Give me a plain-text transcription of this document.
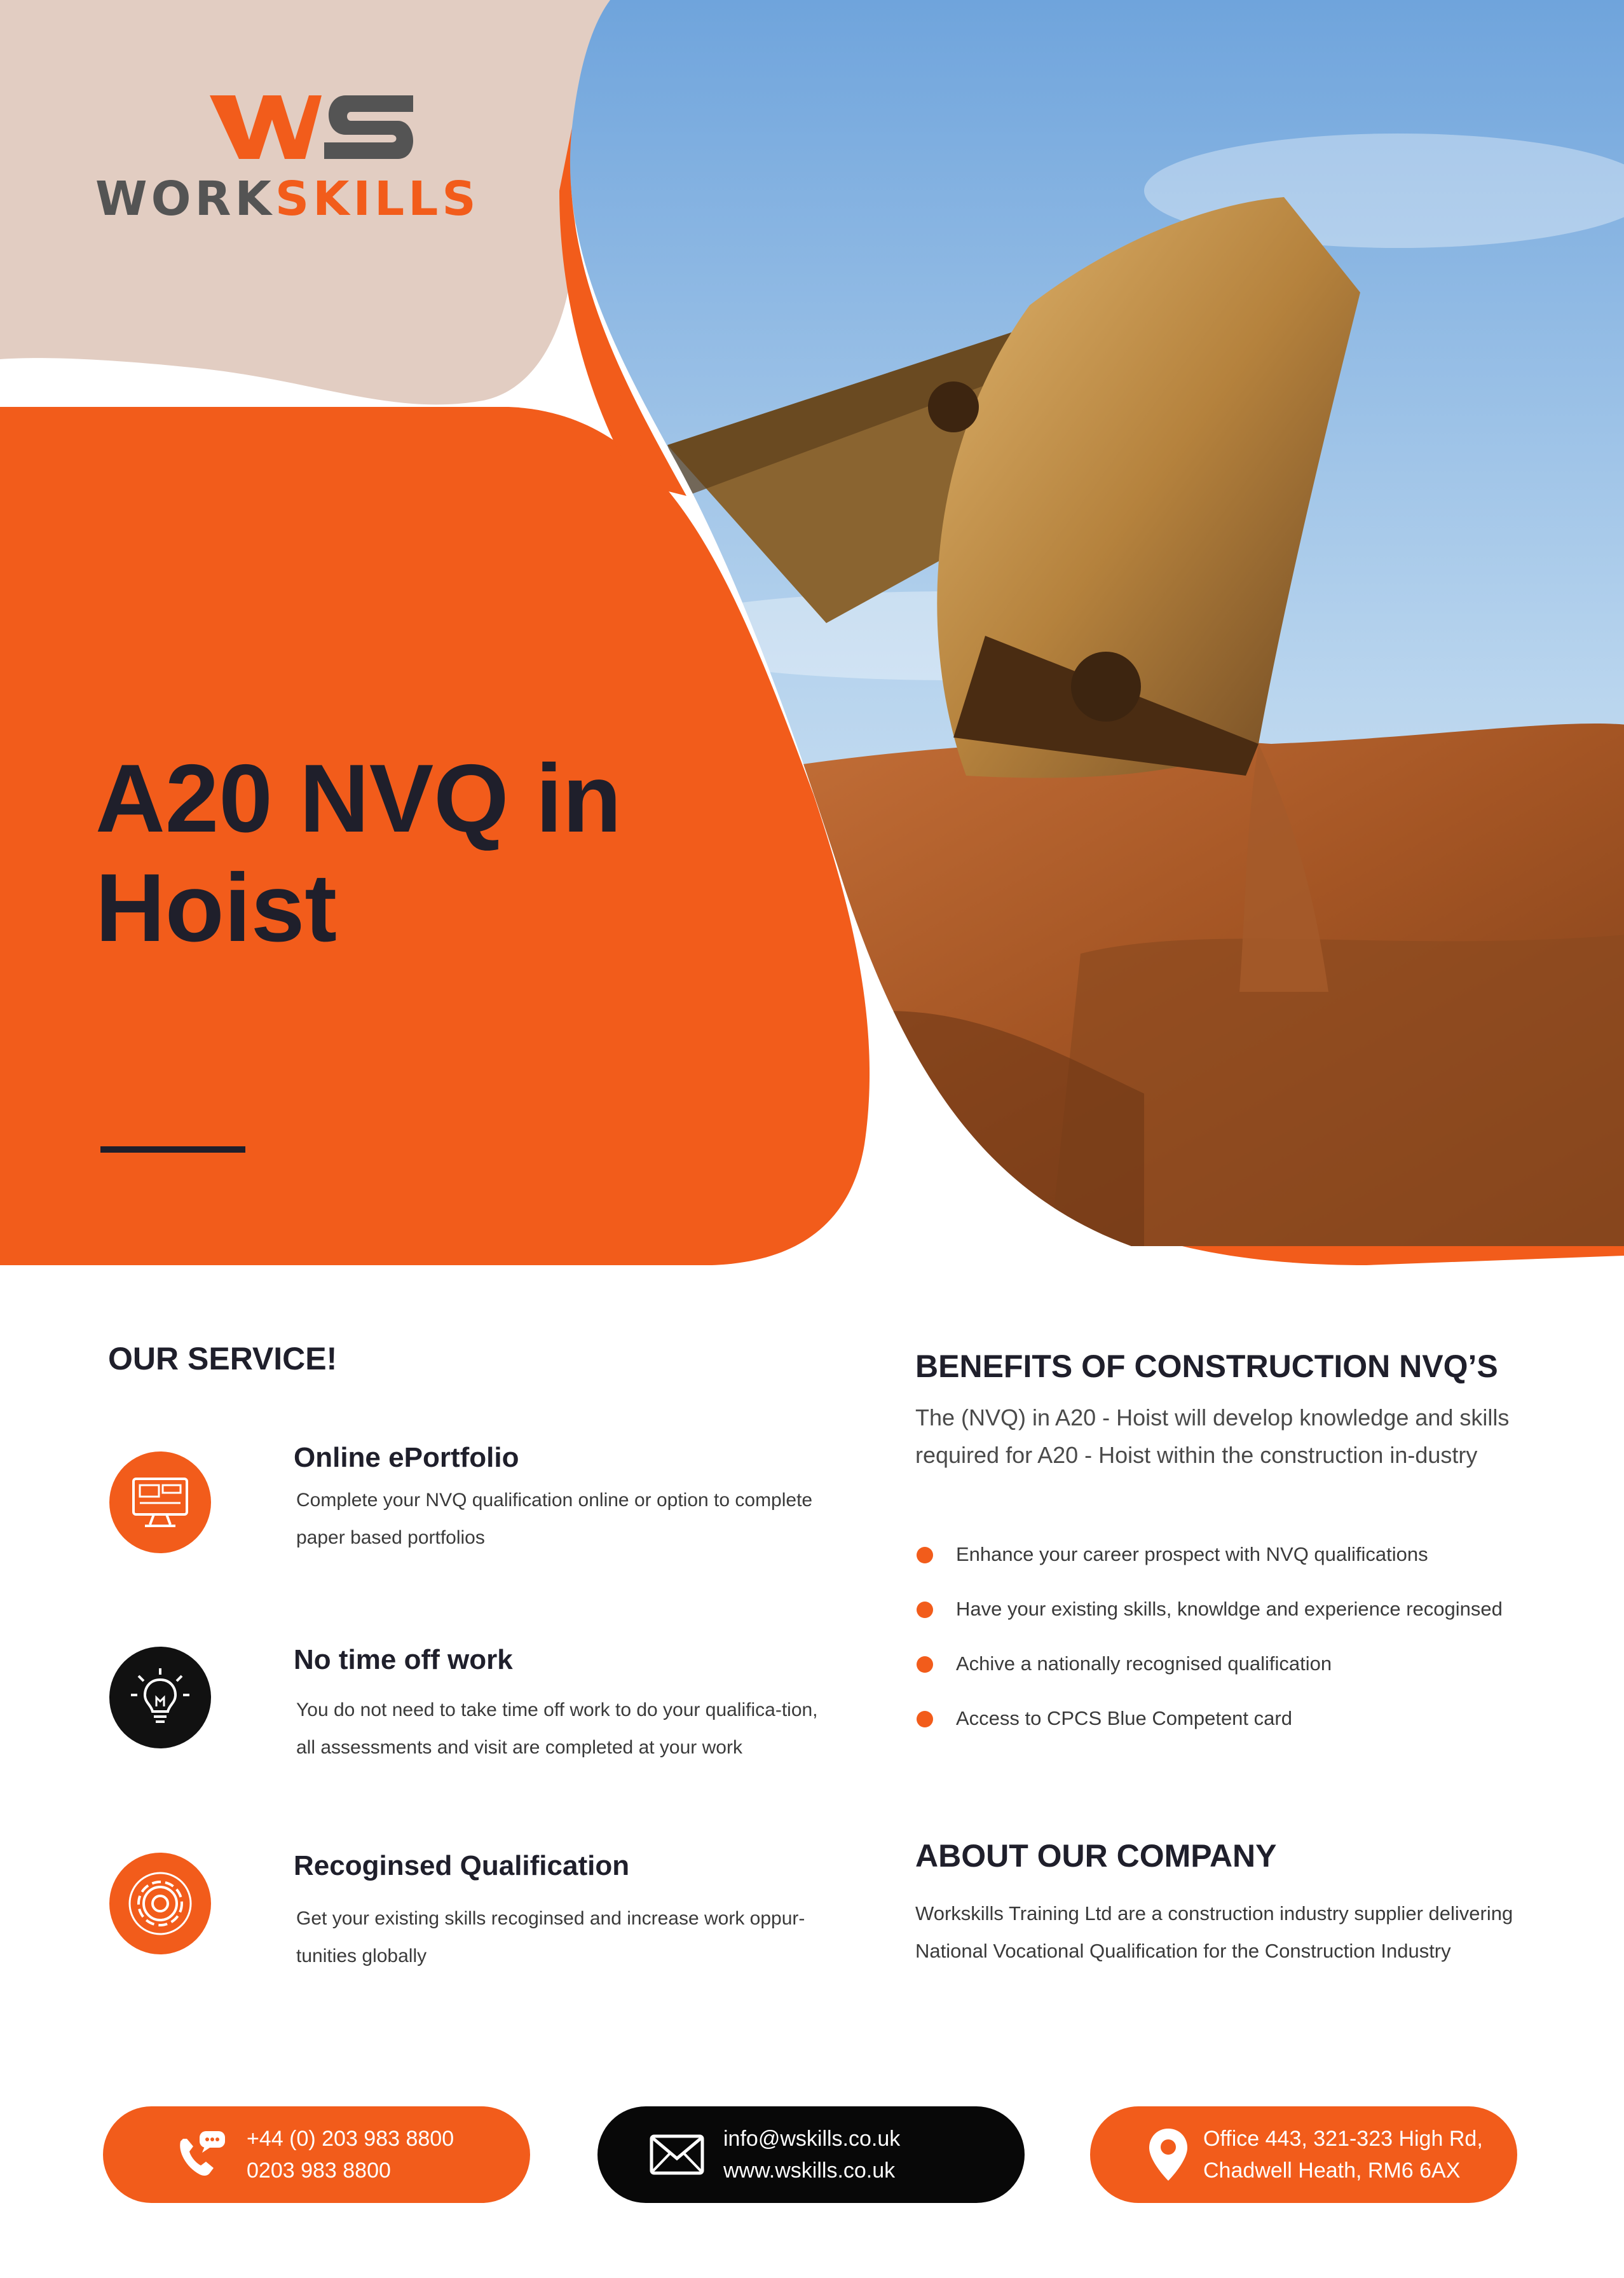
WORKSKILLS
A20 NVQ in
Hoist
OUR SERVICE!
Online ePortfolio

Complete your NVQ qualification online or option to complete paper based portfolios

No time off work

You do not need to take time off work to do your qualifica-tion, all assessments and visit are completed at your work

Recoginsed Qualification

Get your existing skills recoginsed and increase work oppur-tunities globally

BENEFITS OF CONSTRUCTION NVQ’S

The (NVQ) in A20 - Hoist will develop knowledge and skills required for A20 - Hoist within the construction in-dustry

Enhance your career prospect with NVQ qualifications
Have your existing skills, knowldge and experience recoginsed
Achive a nationally recognised qualification
Access to CPCS Blue Competent card
ABOUT OUR COMPANY

Workskills Training Ltd are a construction industry supplier delivering National Vocational Qualification for the Construction Industry

+44 (0) 203 983 8800
0203 983 8800
info@wskills.co.uk
www.wskills.co.uk
Office 443, 321-323 High Rd,
Chadwell Heath, RM6 6AX
